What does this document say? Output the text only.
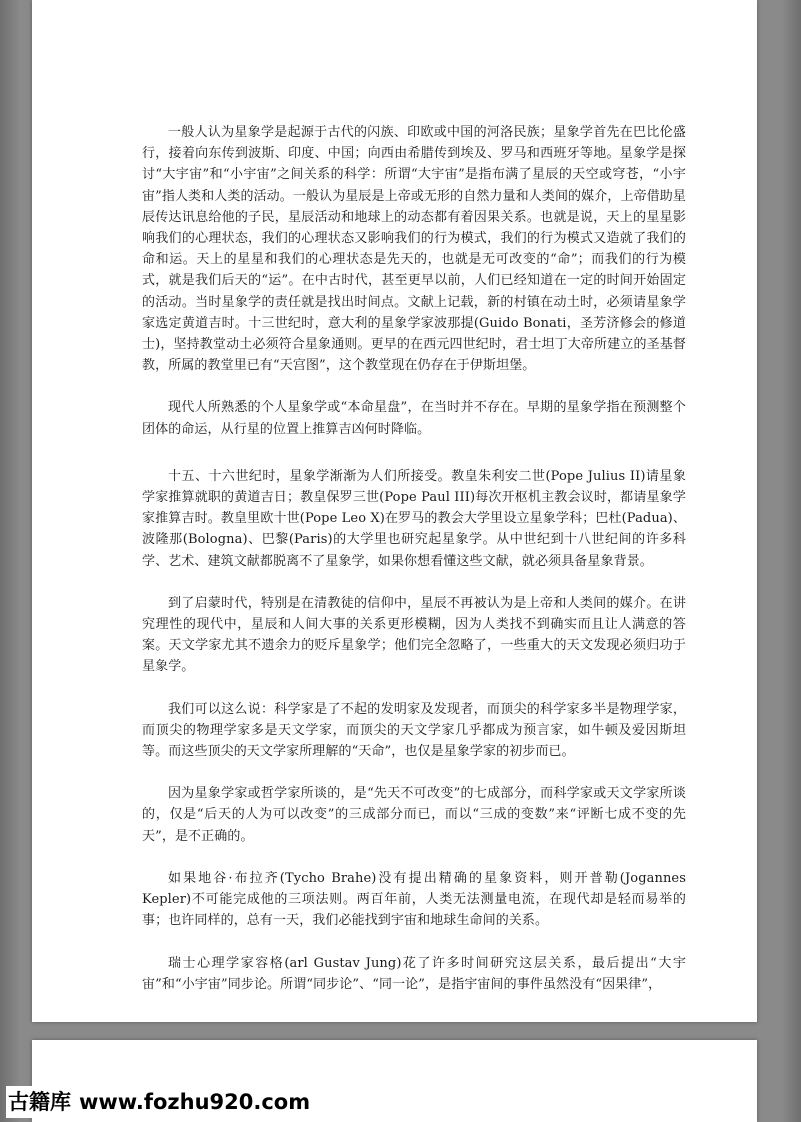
一般人认为星象学是起源于古代的闪族、印欧或中国的河洛民族；星象学首先在巴比伦盛行，接着向东传到波斯、印度、中国；向西由希腊传到埃及、罗马和西班牙等地。星象学是探讨“大宇宙”和“小宇宙”之间关系的科学：所谓“大宇宙”是指布满了星辰的天空或穹苍，“小宇宙”指人类和人类的活动。一般认为星辰是上帝或无形的自然力量和人类间的媒介，上帝借助星辰传达讯息给他的子民，星辰活动和地球上的动态都有着因果关系。也就是说，天上的星星影响我们的心理状态，我们的心理状态又影响我们的行为模式，我们的行为模式又造就了我们的命和运。天上的星星和我们的心理状态是先天的，也就是无可改变的“命”；而我们的行为模式，就是我们后天的“运”。在中古时代，甚至更早以前，人们已经知道在一定的时间开始固定的活动。当时星象学的责任就是找出时间点。文献上记载，新的村镇在动土时，必须请星象学家选定黄道吉时。十三世纪时，意大利的星象学家波那提(Guido Bonati，圣芳济修会的修道士)，坚持教堂动土必须符合星象通则。更早的在西元四世纪时，君士坦丁大帝所建立的圣基督教，所属的教堂里已有“天宫图”，这个教堂现在仍存在于伊斯坦堡。

现代人所熟悉的个人星象学或“本命星盘”，在当时并不存在。早期的星象学指在预测整个团体的命运，从行星的位置上推算吉凶何时降临。

十五、十六世纪时，星象学渐渐为人们所接受。教皇朱利安二世(Pope Julius II)请星象学家推算就职的黄道吉日；教皇保罗三世(Pope Paul III)每次开枢机主教会议时，都请星象学家推算吉时。教皇里欧十世(Pope Leo X)在罗马的教会大学里设立星象学科；巴杜(Padua)、波隆那(Bologna)、巴黎(Paris)的大学里也研究起星象学。从中世纪到十八世纪间的许多科学、艺术、建筑文献都脱离不了星象学，如果你想看懂这些文献，就必须具备星象背景。

到了启蒙时代，特别是在清教徒的信仰中，星辰不再被认为是上帝和人类间的媒介。在讲究理性的现代中，星辰和人间大事的关系更形模糊，因为人类找不到确实而且让人满意的答案。天文学家尤其不遗余力的贬斥星象学；他们完全忽略了，一些重大的天文发现必须归功于星象学。

我们可以这么说：科学家是了不起的发明家及发现者，而顶尖的科学家多半是物理学家，而顶尖的物理学家多是天文学家，而顶尖的天文学家几乎都成为预言家，如牛顿及爱因斯坦等。而这些顶尖的天文学家所理解的“天命”，也仅是星象学家的初步而已。

因为星象学家或哲学家所谈的，是“先天不可改变”的七成部分，而科学家或天文学家所谈的，仅是“后天的人为可以改变”的三成部分而已，而以“三成的变数”来“评断七成不变的先天”，是不正确的。

如果地谷·布拉齐(Tycho Brahe)没有提出精确的星象资料，则开普勒(Jogannes Kepler)不可能完成他的三项法则。两百年前，人类无法测量电流，在现代却是轻而易举的事；也许同样的，总有一天，我们必能找到宇宙和地球生命间的关系。

瑞士心理学家容格(arl Gustav Jung)花了许多时间研究这层关系，最后提出“大宇宙”和“小宇宙”同步论。所谓“同步论”、“同一论”，是指宇宙间的事件虽然没有“因果律”，

古籍库 www.fozhu920.com
